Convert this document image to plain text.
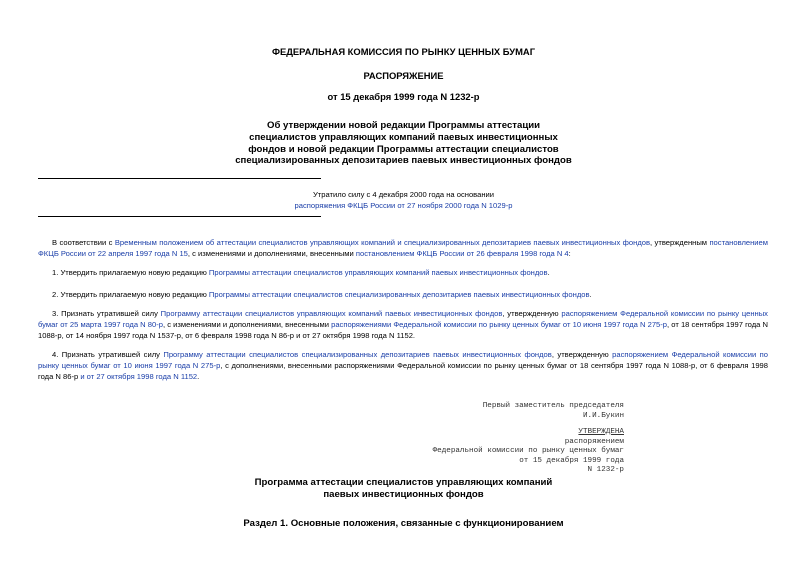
ФЕДЕРАЛЬНАЯ КОМИССИЯ ПО РЫНКУ ЦЕННЫХ БУМАГ
РАСПОРЯЖЕНИЕ
от 15 декабря 1999 года N 1232-р
Об утверждении новой редакции Программы аттестации
специалистов управляющих компаний паевых инвестиционных
фондов и новой редакции Программы аттестации специалистов
специализированных депозитариев паевых инвестиционных фондов
Утратило силу с 4 декабря 2000 года на основании
распоряжения ФКЦБ России от 27 ноября 2000 года N 1029-р
В соответствии с Временным положением об аттестации специалистов управляющих компаний и специализированных депозитариев паевых инвестиционных фондов, утвержденным постановлением ФКЦБ России от 22 апреля 1997 года N 15, с изменениями и дополнениями, внесенными постановлением ФКЦБ России от 26 февраля 1998 года N 4:
1. Утвердить прилагаемую новую редакцию Программы аттестации специалистов управляющих компаний паевых инвестиционных фондов.
2. Утвердить прилагаемую новую редакцию Программы аттестации специалистов специализированных депозитариев паевых инвестиционных фондов.
3. Признать утратившей силу Программу аттестации специалистов управляющих компаний паевых инвестиционных фондов, утвержденную распоряжением Федеральной комиссии по рынку ценных бумаг от 25 марта 1997 года N 80-р, с изменениями и дополнениями, внесенными распоряжениями Федеральной комиссии по рынку ценных бумаг от 10 июня 1997 года N 275-р, от 18 сентября 1997 года N 1088-р, от 14 ноября 1997 года N 1537-р, от 6 февраля 1998 года N 86-р и от 27 октября 1998 года N 1152.
4. Признать утратившей силу Программу аттестации специалистов специализированных депозитариев паевых инвестиционных фондов, утвержденную распоряжением Федеральной комиссии по рынку ценных бумаг от 10 июня 1997 года N 275-р, с дополнениями, внесенными распоряжениями Федеральной комиссии по рынку ценных бумаг от 18 сентября 1997 года N 1088-р, от 6 февраля 1998 года N 86-р и от 27 октября 1998 года N 1152.
Первый заместитель председателя
И.И.Букин
УТВЕРЖДЕНА
распоряжением
Федеральной комиссии по рынку ценных бумаг
от 15 декабря 1999 года
N 1232-р
Программа аттестации специалистов управляющих компаний
паевых инвестиционных фондов
Раздел 1. Основные положения, связанные с функционированием
